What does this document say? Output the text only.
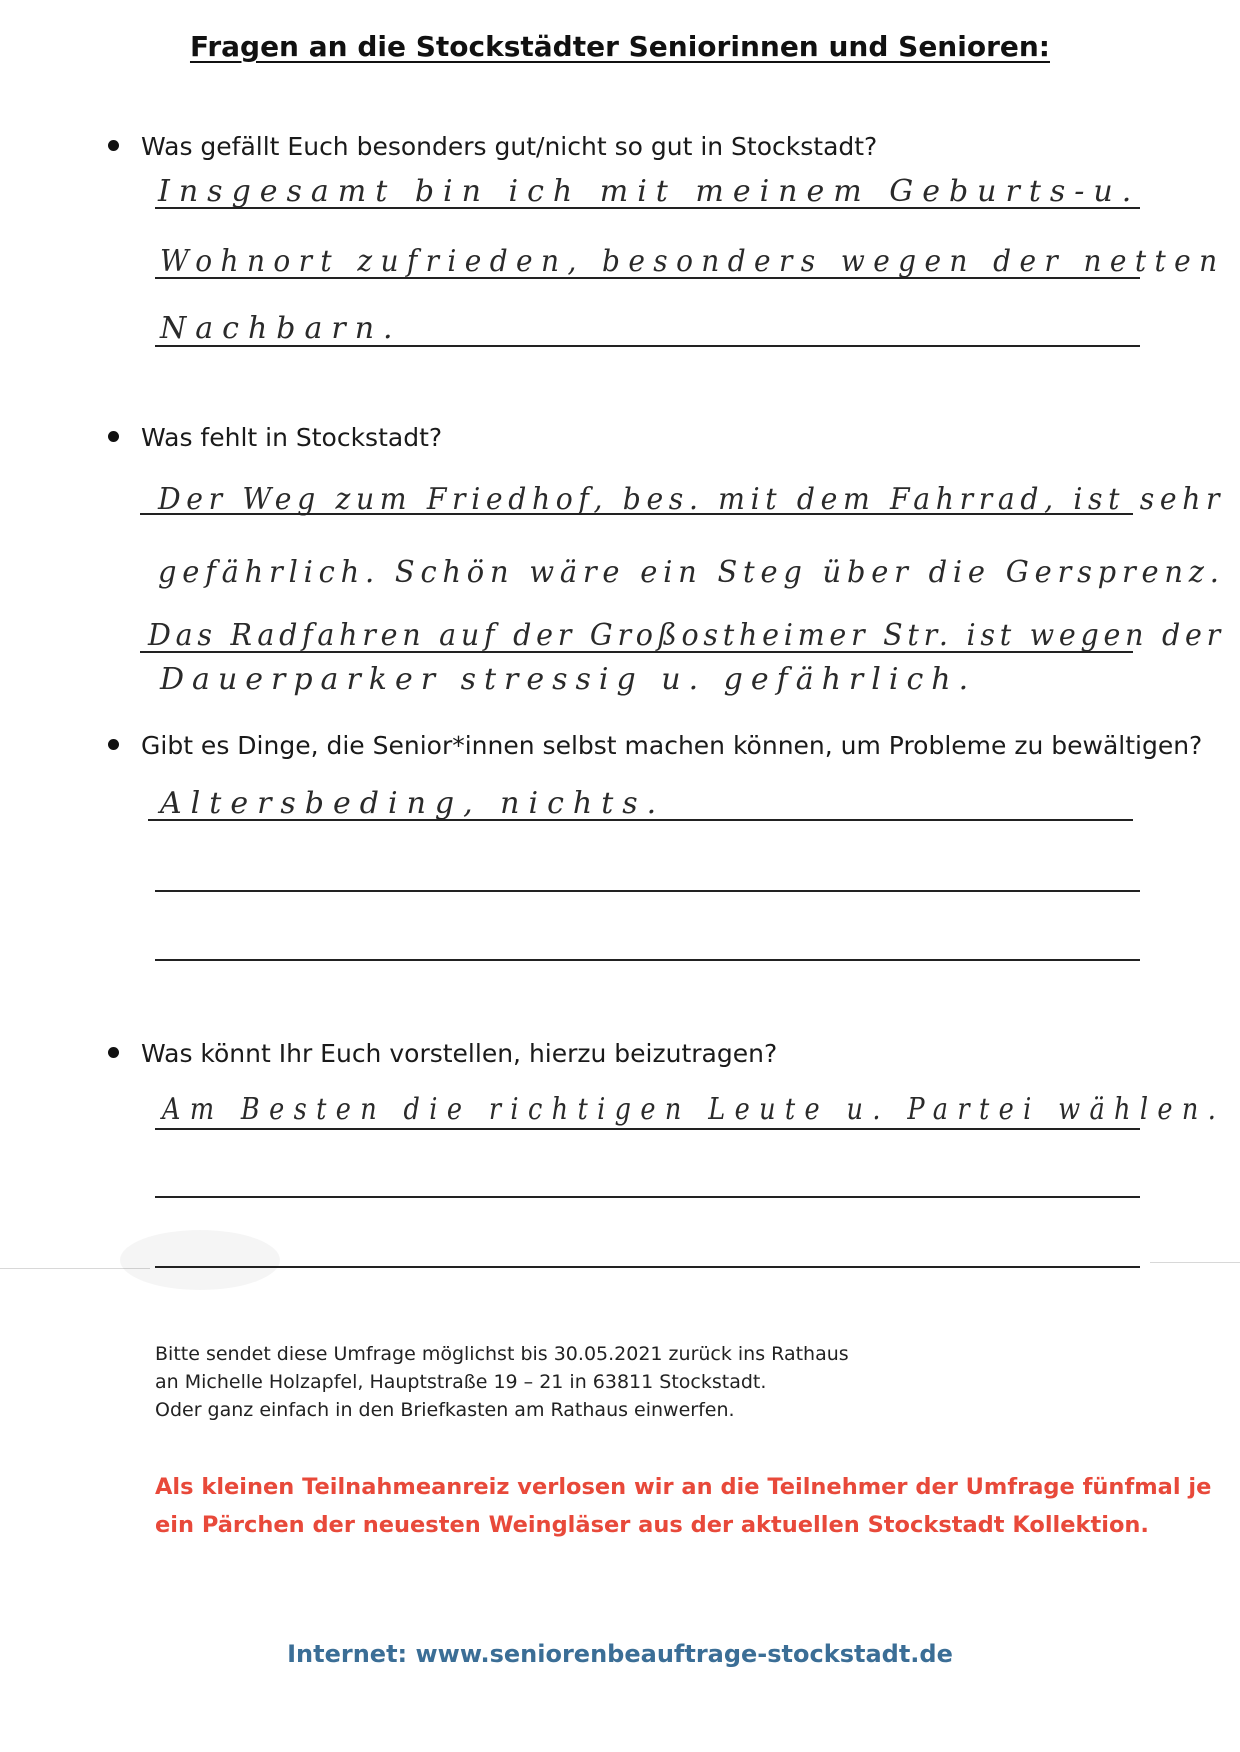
Fragen an die Stockstädter Seniorinnen und Senioren:
Was gefällt Euch besonders gut/nicht so gut in Stockstadt?
Insgesamt bin ich mit meinem Geburts-u.
Wohnort zufrieden, besonders wegen der netten
Nachbarn.
Was fehlt in Stockstadt?
Der Weg zum Friedhof, bes. mit dem Fahrrad, ist sehr
gefährlich. Schön wäre ein Steg über die Gersprenz.
Das Radfahren auf der Großostheimer Str. ist wegen der
Dauerparker stressig u. gefährlich.
Gibt es Dinge, die Senior*innen selbst machen können, um Probleme zu bewältigen?
Altersbeding, nichts.
Was könnt Ihr Euch vorstellen, hierzu beizutragen?
Am Besten die richtigen Leute u. Partei wählen.
Bitte sendet diese Umfrage möglichst bis 30.05.2021 zurück ins Rathaus
an Michelle Holzapfel, Hauptstraße 19 – 21 in 63811 Stockstadt.
Oder ganz einfach in den Briefkasten am Rathaus einwerfen.
Als kleinen Teilnahmeanreiz verlosen wir an die Teilnehmer der Umfrage fünfmal je
ein Pärchen der neuesten Weingläser aus der aktuellen Stockstadt Kollektion.
Internet: www.seniorenbeauftrage-stockstadt.de
